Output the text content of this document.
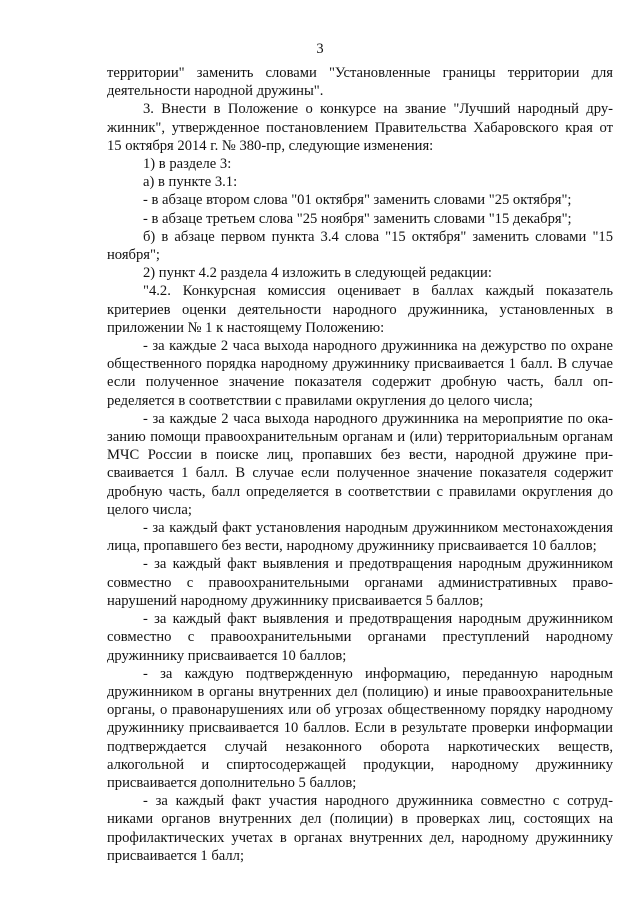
3

территории" заменить словами "Установленные границы территории для деятельности народной дружины".

3. Внести в Положение о конкурсе на звание "Лучший народный дружинник", утвержденное постановлением Правительства Хабаровского края от 15 октября 2014 г. № 380-пр, следующие изменения:

1) в разделе 3:

а) в пункте 3.1:

- в абзаце втором слова "01 октября" заменить словами "25 октября";

- в абзаце третьем слова "25 ноября" заменить словами "15 декабря";

б) в абзаце первом пункта 3.4 слова "15 октября" заменить словами "15 ноября";

2) пункт 4.2 раздела 4 изложить в следующей редакции:

"4.2. Конкурсная комиссия оценивает в баллах каждый показатель критериев оценки деятельности народного дружинника, установленных в приложении № 1 к настоящему Положению:

- за каждые 2 часа выхода народного дружинника на дежурство по охране общественного порядка народному дружиннику присваивается 1 балл. В случае если полученное значение показателя содержит дробную часть, балл определяется в соответствии с правилами округления до целого числа;

- за каждые 2 часа выхода народного дружинника на мероприятие по оказанию помощи правоохранительным органам и (или) территориальным органам МЧС России в поиске лиц, пропавших без вести, народной дружине присваивается 1 балл. В случае если полученное значение показателя содержит дробную часть, балл определяется в соответствии с правилами округления до целого числа;

- за каждый факт установления народным дружинником местонахождения лица, пропавшего без вести, народному дружиннику присваивается 10 баллов;

- за каждый факт выявления и предотвращения народным дружинником совместно с правоохранительными органами административных правонарушений народному дружиннику присваивается 5 баллов;

- за каждый факт выявления и предотвращения народным дружинником совместно с правоохранительными органами преступлений народному дружиннику присваивается 10 баллов;

- за каждую подтвержденную информацию, переданную народным дружинником в органы внутренних дел (полицию) и иные правоохранительные органы, о правонарушениях или об угрозах общественному порядку народному дружиннику присваивается 10 баллов. Если в результате проверки информации подтверждается случай незаконного оборота наркотических веществ, алкогольной и спиртосодержащей продукции, народному дружиннику присваивается дополнительно 5 баллов;

- за каждый факт участия народного дружинника совместно с сотрудниками органов внутренних дел (полиции) в проверках лиц, состоящих на профилактических учетах в органах внутренних дел, народному дружиннику присваивается 1 балл;
